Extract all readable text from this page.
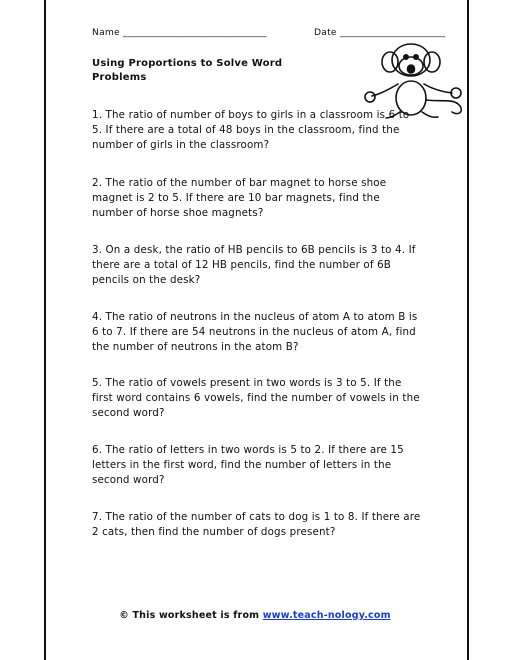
Name ______________________________	Date ______________________
Using Proportions to Solve Word Problems
1. The ratio of number of boys to girls in a classroom is 6 to 5. If there are a total of 48 boys in the classroom, find the number of girls in the classroom?
2. The ratio of the number of bar magnet to horse shoe magnet is 2 to 5. If there are 10 bar magnets, find the number of horse shoe magnets?
3. On a desk, the ratio of HB pencils to 6B pencils is 3 to 4. If there are a total of 12 HB pencils, find the number of 6B pencils on the desk?
4. The ratio of neutrons in the nucleus of atom A to atom B is 6 to 7. If there are 54 neutrons in the nucleus of atom A, find the number of neutrons in the atom B?
5. The ratio of vowels present in two words is 3 to 5. If the first word contains 6 vowels, find the number of vowels in the second word?
6. The ratio of letters in two words is 5 to 2. If there are 15 letters in the first word, find the number of letters in the second word?
7. The ratio of the number of cats to dog is 1 to 8. If there are 2 cats, then find the number of dogs present?
© This worksheet is from www.teach-nology.com
